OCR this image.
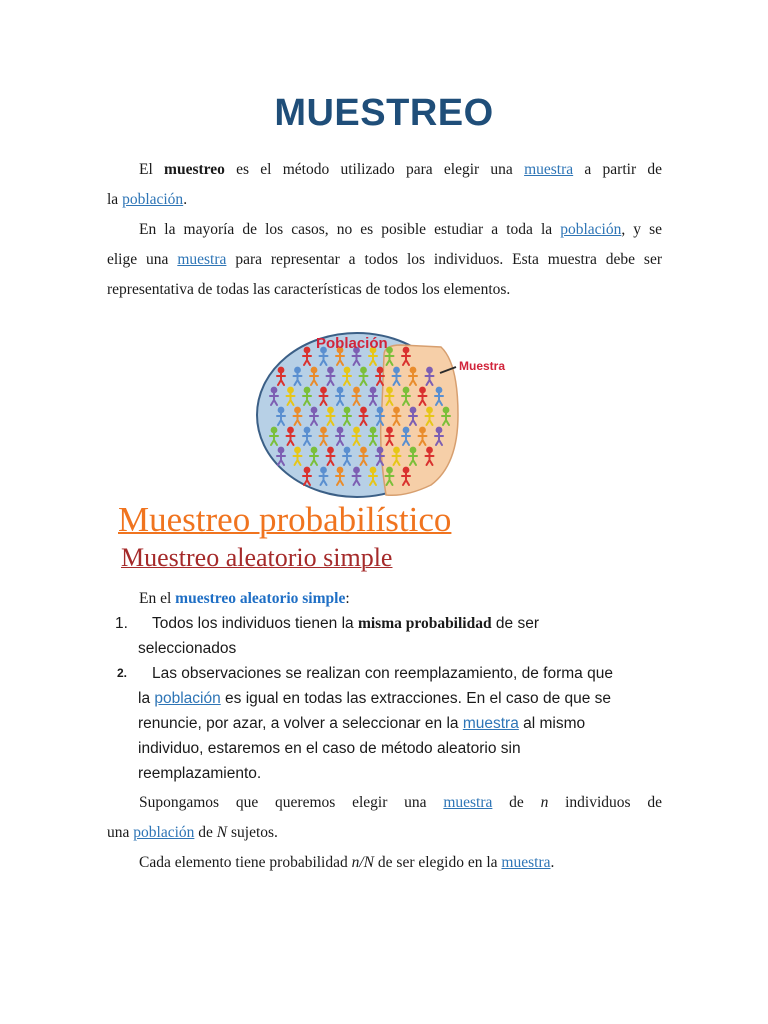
MUESTREO
El muestreo es el método utilizado para elegir una muestra a partir de
la población.
En la mayoría de los casos, no es posible estudiar a toda la población, y se
elige una muestra para representar a todos los individuos. Esta muestra debe ser
representativa de todas las características de todos los elementos.
Población
Muestra
Muestreo probabilístico
Muestreo aleatorio simple
En el muestreo aleatorio simple:
1. Todos los individuos tienen la misma probabilidad de ser
seleccionados
2. Las observaciones se realizan con reemplazamiento, de forma que
la población es igual en todas las extracciones. En el caso de que se
renuncie, por azar, a volver a seleccionar en la muestra al mismo
individuo, estaremos en el caso de método aleatorio sin
reemplazamiento.
Supongamos que queremos elegir una muestra de n individuos de
una población de N sujetos.
Cada elemento tiene probabilidad n/N de ser elegido en la muestra.
